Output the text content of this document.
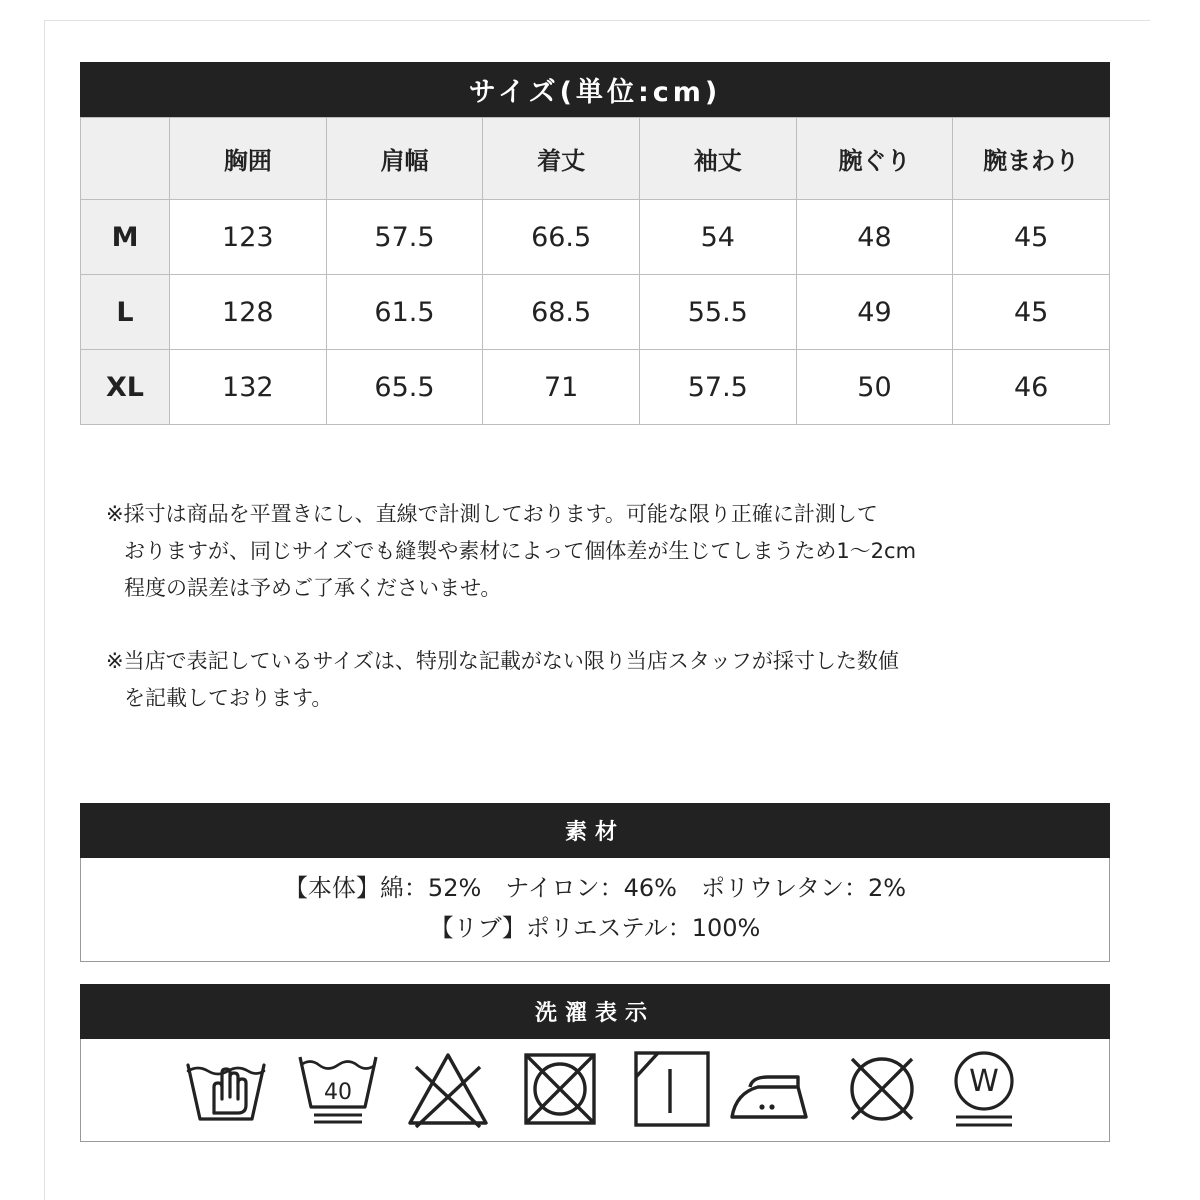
サイズ(単位:cm)
	胸囲	肩幅	着丈	袖丈	腕ぐり	腕まわり
M	123	57.5	66.5	54	48	45
L	128	61.5	68.5	55.5	49	45
XL	132	65.5	71	57.5	50	46
※採寸は商品を平置きにし、直線で計測しております。可能な限り正確に計測して
おりますが、同じサイズでも縫製や素材によって個体差が生じてしまうため1～2cm
程度の誤差は予めご了承くださいませ。
※当店で表記しているサイズは、特別な記載がない限り当店スタッフが採寸した数値
を記載しております。
素材
【本体】綿：52%　ナイロン：46%　ポリウレタン：2%
【リブ】ポリエステル：100%
洗濯表示
40	W
